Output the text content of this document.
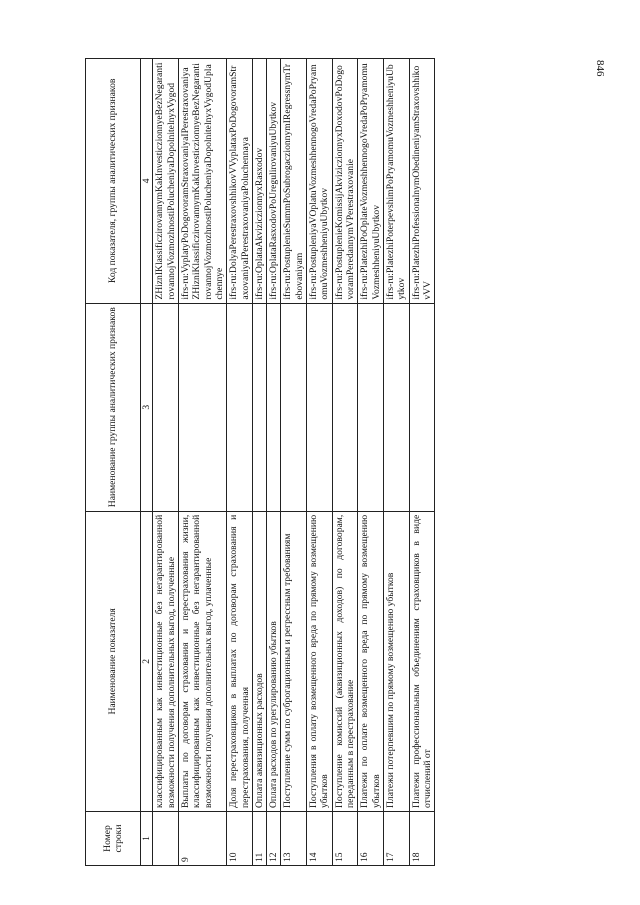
846
Номер строки	Наименование показателя	Наименование группы аналитических признаков	Код показателя, группы аналитических признаков
1	2	3	4
	классифицированным как инвестиционные без негарантированной возможности получения дополнительных выгод, полученные		ZHiznIKlassificzirovannymKakInvesticzionnyeBezNegarantirovannojVozmozhnostiPolucheniyaDopolnitelnyxVygod
9	Выплаты по договорам страхования и перестрахования жизни, классифицированным как инвестиционные без негарантированной возможности получения дополнительных выгод, уплаченные		ifrs-ru:VyplatyPoDogovoramStraxovaniyaIPerestraxovaniyaZHizniKlassificzirovannymKakInvesticzionnyeBezNegarantirovannojVozmozhnostiPolucheniyaDopolnitelnyxVygodUplachennye
10	Доля перестраховщиков в выплатах по договорам страхования и перестрахования, полученная		ifrs-ru:DolyaPerestraxovshhikovVVyplataxPoDogovoramStraxovaniyaIPerestraxovaniyaPoluchennaya
11	Оплата аквизиционных расходов		ifrs-ru:OplataAkviziczionnyxRasxodov
12	Оплата расходов по урегулированию убытков		ifrs-ru:OplataRasxodovPoUregulirovaniyuUbytkov
13	Поступление сумм по суброгационным и регрессным требованиям		ifrs-ru:PostuplenieSummPoSubrogaczionnymIRegressnymTrebovaniyam
14	Поступления в оплату возмещенного вреда по прямому возмещению убытков		ifrs-ru:PostupleniyaVOplatuVozmeshhennogoVredaPoPryamomuVozmeshheniyuUbytkov
15	Поступление комиссий (аквизиционных доходов) по договорам, переданным в перестрахование		ifrs-ru:PostuplenieKomissijAkviziczionnyxDoxodovPoDogovoramPeredannymVPerestraxovanie
16	Платежи по оплате возмещенного вреда по прямому возмещению убытков		ifrs-ru:PlatezhiPoOplateVozmeshhennogoVredaPoPryamomuVozmeshheniyuUbytkov
17	Платежи потерпевшим по прямому возмещению убытков		ifrs-ru:PlatezhiPoterpevshimPoPryamomuVozmeshheniyuUbytkov
18	Платежи профессиональным объединениям страховщиков в виде отчислений от		ifrs-ru:PlatezhiProfessionalnymObedineniyamStraxovshhikovVV
